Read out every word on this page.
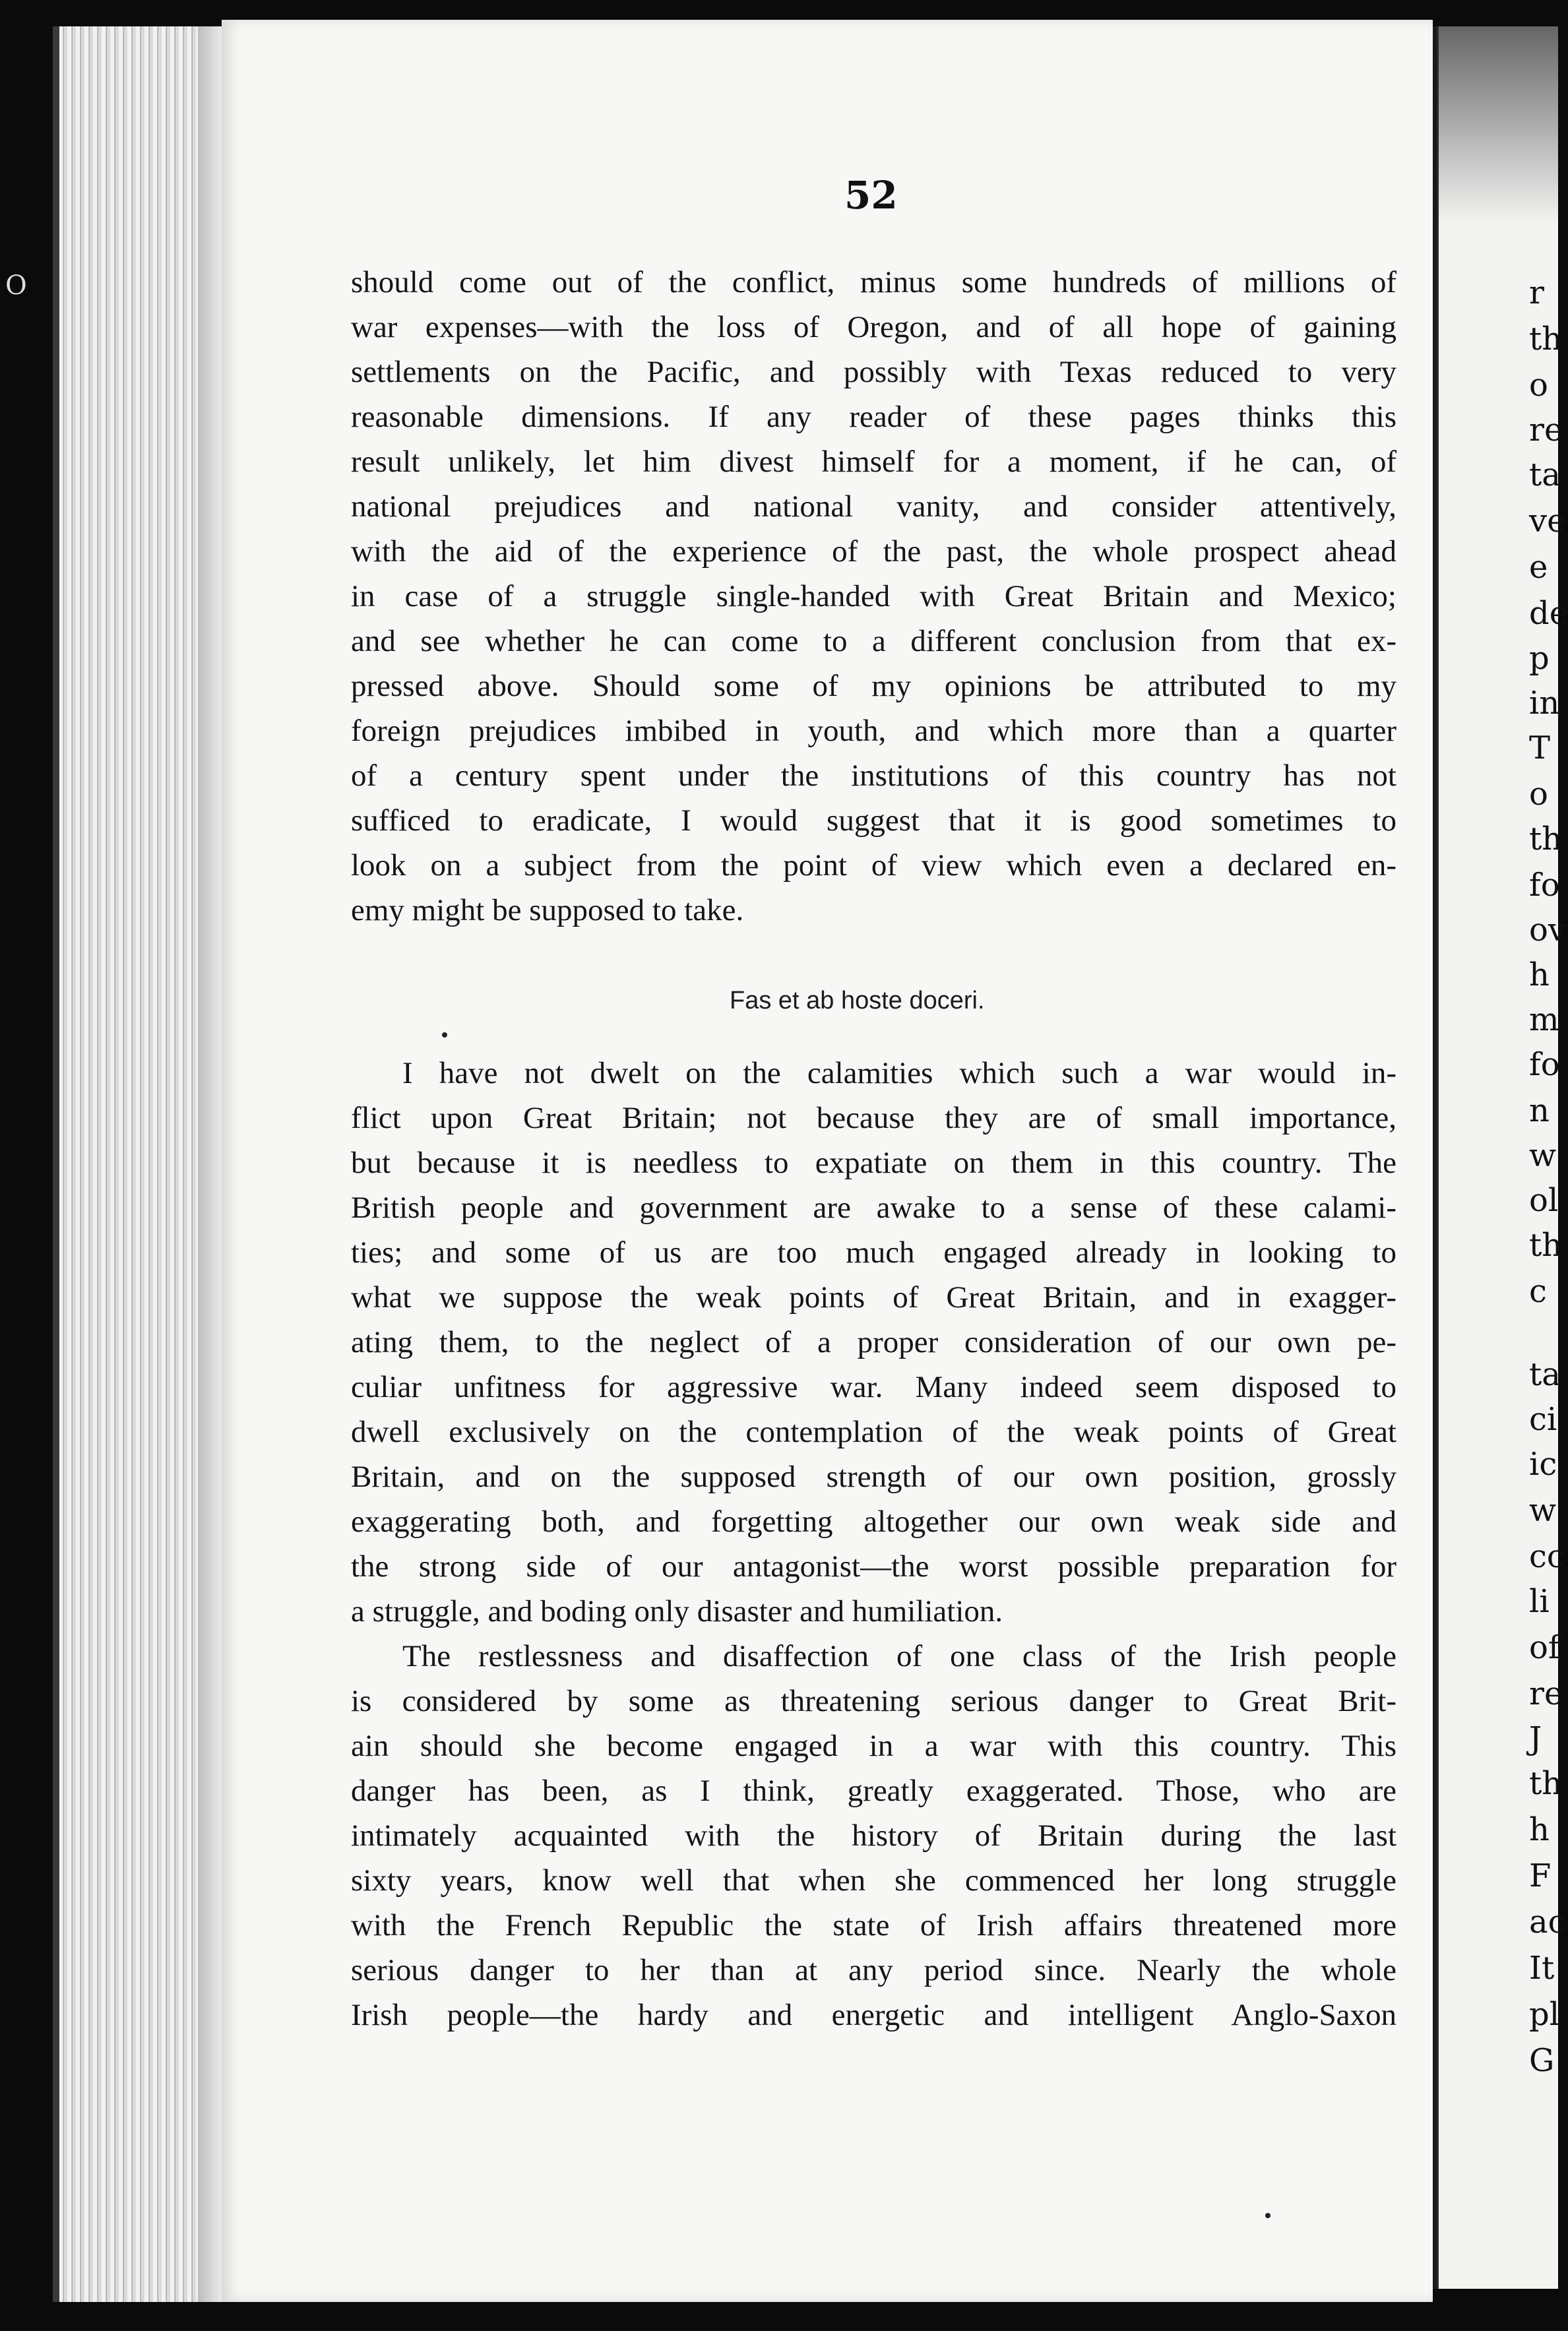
O
52
should come out of the conflict, minus some hundreds of millions of
war expenses—with the loss of Oregon, and of all hope of gaining
settlements on the Pacific, and possibly with Texas reduced to very
reasonable dimensions. If any reader of these pages thinks this
result unlikely, let him divest himself for a moment, if he can, of
national prejudices and national vanity, and consider attentively,
with the aid of the experience of the past, the whole prospect ahead
in case of a struggle single-handed with Great Britain and Mexico;
and see whether he can come to a different conclusion from that ex-
pressed above. Should some of my opinions be attributed to my
foreign prejudices imbibed in youth, and which more than a quarter
of a century spent under the institutions of this country has not
sufficed to eradicate, I would suggest that it is good sometimes to
look on a subject from the point of view which even a declared en-
emy might be supposed to take.
Fas et ab hoste doceri.
I have not dwelt on the calamities which such a war would in-
flict upon Great Britain; not because they are of small importance,
but because it is needless to expatiate on them in this country. The
British people and government are awake to a sense of these calami-
ties; and some of us are too much engaged already in looking to
what we suppose the weak points of Great Britain, and in exagger-
ating them, to the neglect of a proper consideration of our own pe-
culiar unfitness for aggressive war. Many indeed seem disposed to
dwell exclusively on the contemplation of the weak points of Great
Britain, and on the supposed strength of our own position, grossly
exaggerating both, and forgetting altogether our own weak side and
the strong side of our antagonist—the worst possible preparation for
a struggle, and boding only disaster and humiliation.
The restlessness and disaffection of one class of the Irish people
is considered by some as threatening serious danger to Great Brit-
ain should she become engaged in a war with this country. This
danger has been, as I think, greatly exaggerated. Those, who are
intimately acquainted with the history of Britain during the last
sixty years, know well that when she commenced her long struggle
with the French Republic the state of Irish affairs threatened more
serious danger to her than at any period since. Nearly the whole
Irish people—the hardy and energetic and intelligent Anglo-Saxon
r
th
o
re
ta
ve
e
de
p
in
T
o
th
fo
ov
h
m
fo
n
w
ol
th
c
ta
ci
ic
w
cc
li
of
re
J
th
h
F
ac
It
pl
G
